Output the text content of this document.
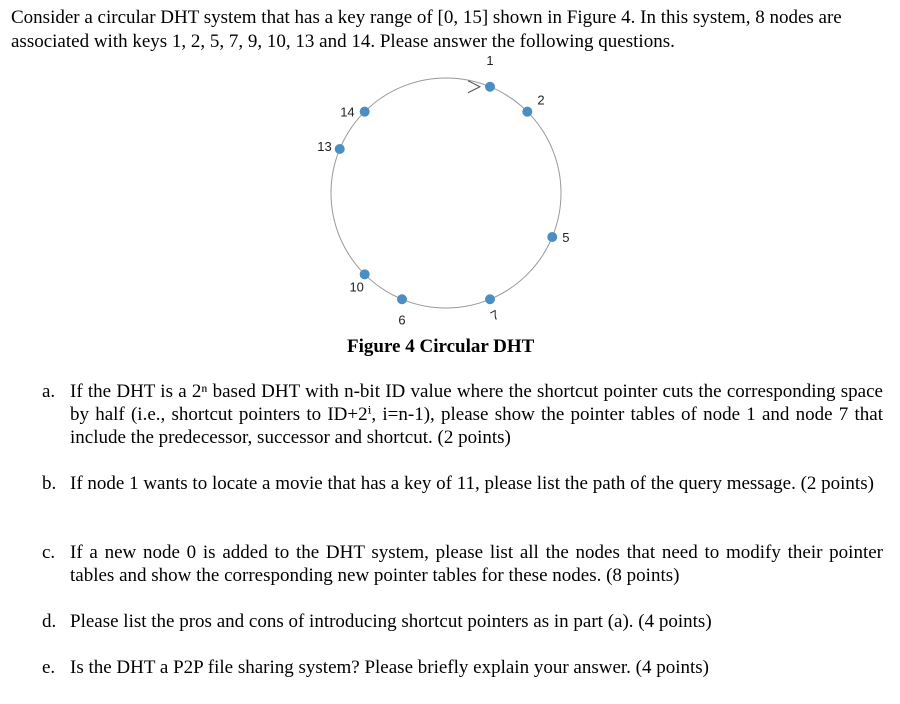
Consider a circular DHT system that has a key range of [0, 15] shown in Figure 4. In this system, 8 nodes are associated with keys 1, 2, 5, 7, 9, 10, 13 and 14. Please answer the following questions.

1
2
5
7
9
10
13
14

Figure 4 Circular DHT

a. If the DHT is a 2ⁿ based DHT with n-bit ID value where the shortcut pointer cuts the corresponding space by half (i.e., shortcut pointers to ID+2ⁱ, i=n-1), please show the pointer tables of node 1 and node 7 that include the predecessor, successor and shortcut. (2 points)
b. If node 1 wants to locate a movie that has a key of 11, please list the path of the query message. (2 points)
c. If a new node 0 is added to the DHT system, please list all the nodes that need to modify their pointer tables and show the corresponding new pointer tables for these nodes. (8 points)
d. Please list the pros and cons of introducing shortcut pointers as in part (a). (4 points)
e. Is the DHT a P2P file sharing system? Please briefly explain your answer. (4 points)
